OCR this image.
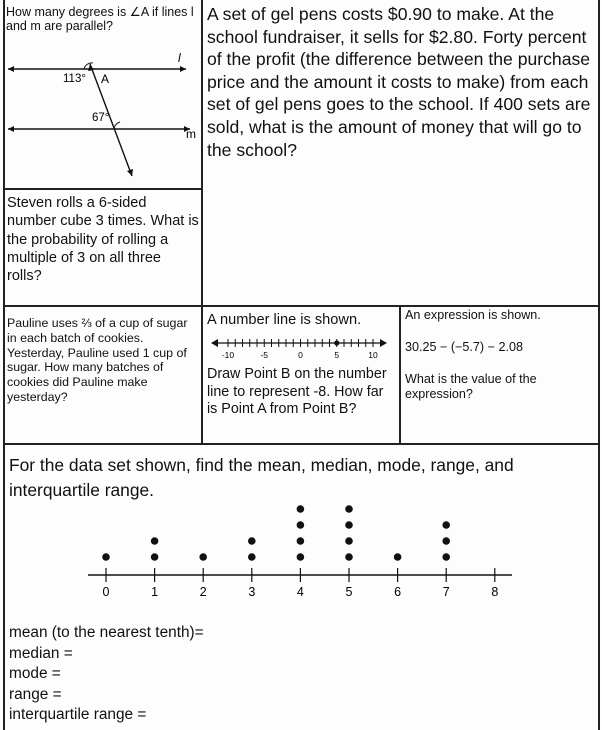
How many degrees is ∠A if lines l and m are parallel?
113° A
l
67°
m
A set of gel pens costs $0.90 to make. At the school fundraiser, it sells for $2.80. Forty percent of the profit (the difference between the purchase price and the amount it costs to make) from each set of gel pens goes to the school. If 400 sets are sold, what is the amount of money that will go to the school?
Steven rolls a 6-sided number cube 3 times. What is the probability of rolling a multiple of 3 on all three rolls?
Pauline uses ⅔ of a cup of sugar in each batch of cookies. Yesterday, Pauline used 1 cup of sugar. How many batches of cookies did Pauline make yesterday?
A number line is shown.
-10	-5	0	5	10
Draw Point B on the number line to represent -8. How far is Point A from Point B?
An expression is shown.
30.25 − (−5.7) − 2.08
What is the value of the expression?
For the data set shown, find the mean, median, mode, range, and interquartile range.
0	1	2	3	4	5	6	7	8
mean (to the nearest tenth)=
median =
mode =
range =
interquartile range =
